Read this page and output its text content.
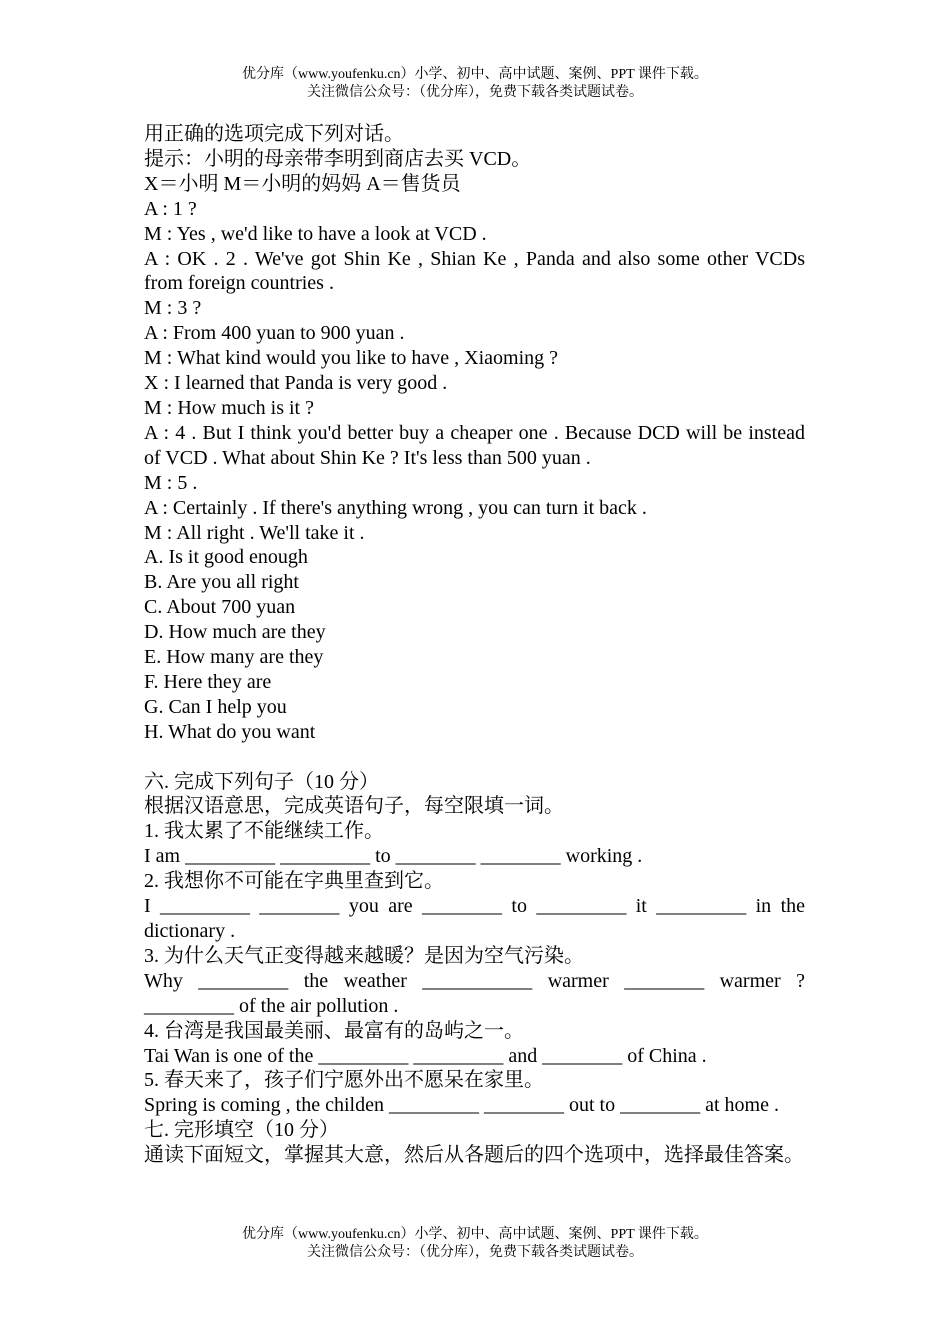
优分库（www.youfenku.cn）小学、初中、高中试题、案例、PPT 课件下载。
关注微信公众号：（优分库），免费下载各类试题试卷。
用正确的选项完成下列对话。
提示：小明的母亲带李明到商店去买 VCD。
X＝小明 M＝小明的妈妈 A＝售货员
A : 1 ?
M : Yes , we'd like to have a look at VCD .
A : OK . 2 . We've got Shin Ke , Shian Ke , Panda and also some other VCDs from foreign countries .
M : 3 ?
A : From 400 yuan to 900 yuan .
M : What kind would you like to have , Xiaoming ?
X : I learned that Panda is very good .
M : How much is it ?
A : 4 . But I think you'd better buy a cheaper one . Because DCD will be instead of VCD . What about Shin Ke ? It's less than 500 yuan .
M : 5 .
A : Certainly . If there's anything wrong , you can turn it back .
M : All right . We'll take it .
A. Is it good enough
B. Are you all right
C. About 700 yuan
D. How much are they
E. How many are they
F. Here they are
G. Can I help you
H. What do you want
六. 完成下列句子（10 分）
根据汉语意思，完成英语句子，每空限填一词。
1. 我太累了不能继续工作。
I am _________ _________ to ________ ________ working .
2. 我想你不可能在字典里查到它。
I _________ ________ you are ________ to _________ it _________ in the dictionary .
3. 为什么天气正变得越来越暖？是因为空气污染。
Why _________ the weather ___________ warmer ________ warmer ? _________ of the air pollution .
4. 台湾是我国最美丽、最富有的岛屿之一。
Tai Wan is one of the _________ _________ and ________ of China .
5. 春天来了，孩子们宁愿外出不愿呆在家里。
Spring is coming , the childen _________ ________ out to ________ at home .
七. 完形填空（10 分）
通读下面短文，掌握其大意，然后从各题后的四个选项中，选择最佳答案。
优分库（www.youfenku.cn）小学、初中、高中试题、案例、PPT 课件下载。
关注微信公众号：（优分库），免费下载各类试题试卷。
